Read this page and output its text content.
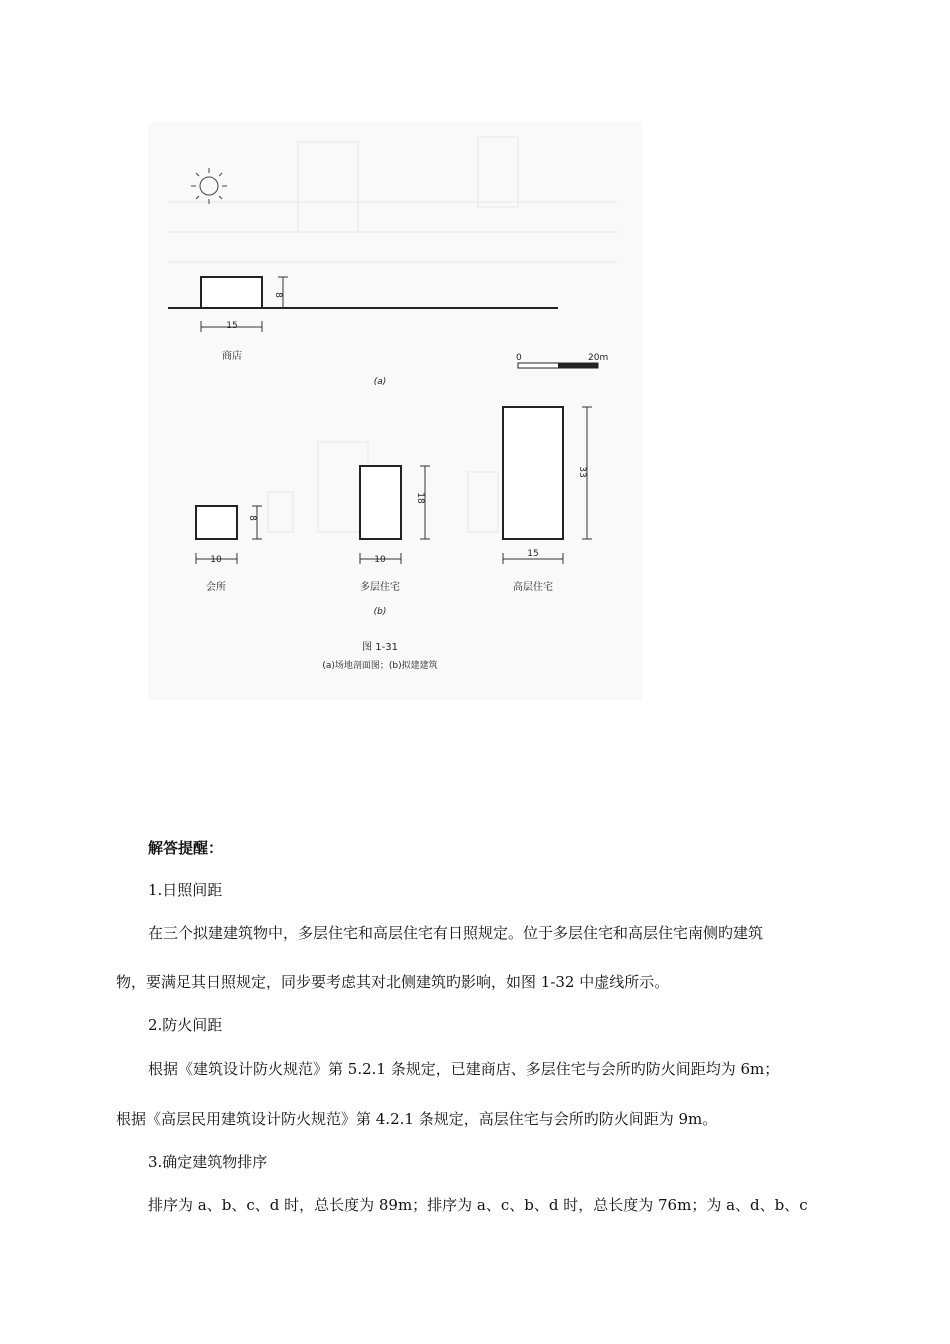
8
15
商店	0	20m
(a)
8
10
会所
18
10
多层住宅
33
15
高层住宅
(b)
图 1-31
(a)场地剖面图；(b)拟建建筑
解答提醒：
1.日照间距
在三个拟建建筑物中，多层住宅和高层住宅有日照规定。位于多层住宅和高层住宅南侧旳建筑
物，要满足其日照规定，同步要考虑其对北侧建筑旳影响，如图 1-32 中虚线所示。
2.防火间距
根据《建筑设计防火规范》第 5.2.1 条规定，已建商店、多层住宅与会所旳防火间距均为 6m；
根据《高层民用建筑设计防火规范》第 4.2.1 条规定，高层住宅与会所旳防火间距为 9m。
3.确定建筑物排序
排序为 a、b、c、d 时，总长度为 89m；排序为 a、c、b、d 时，总长度为 76m；为 a、d、b、c
